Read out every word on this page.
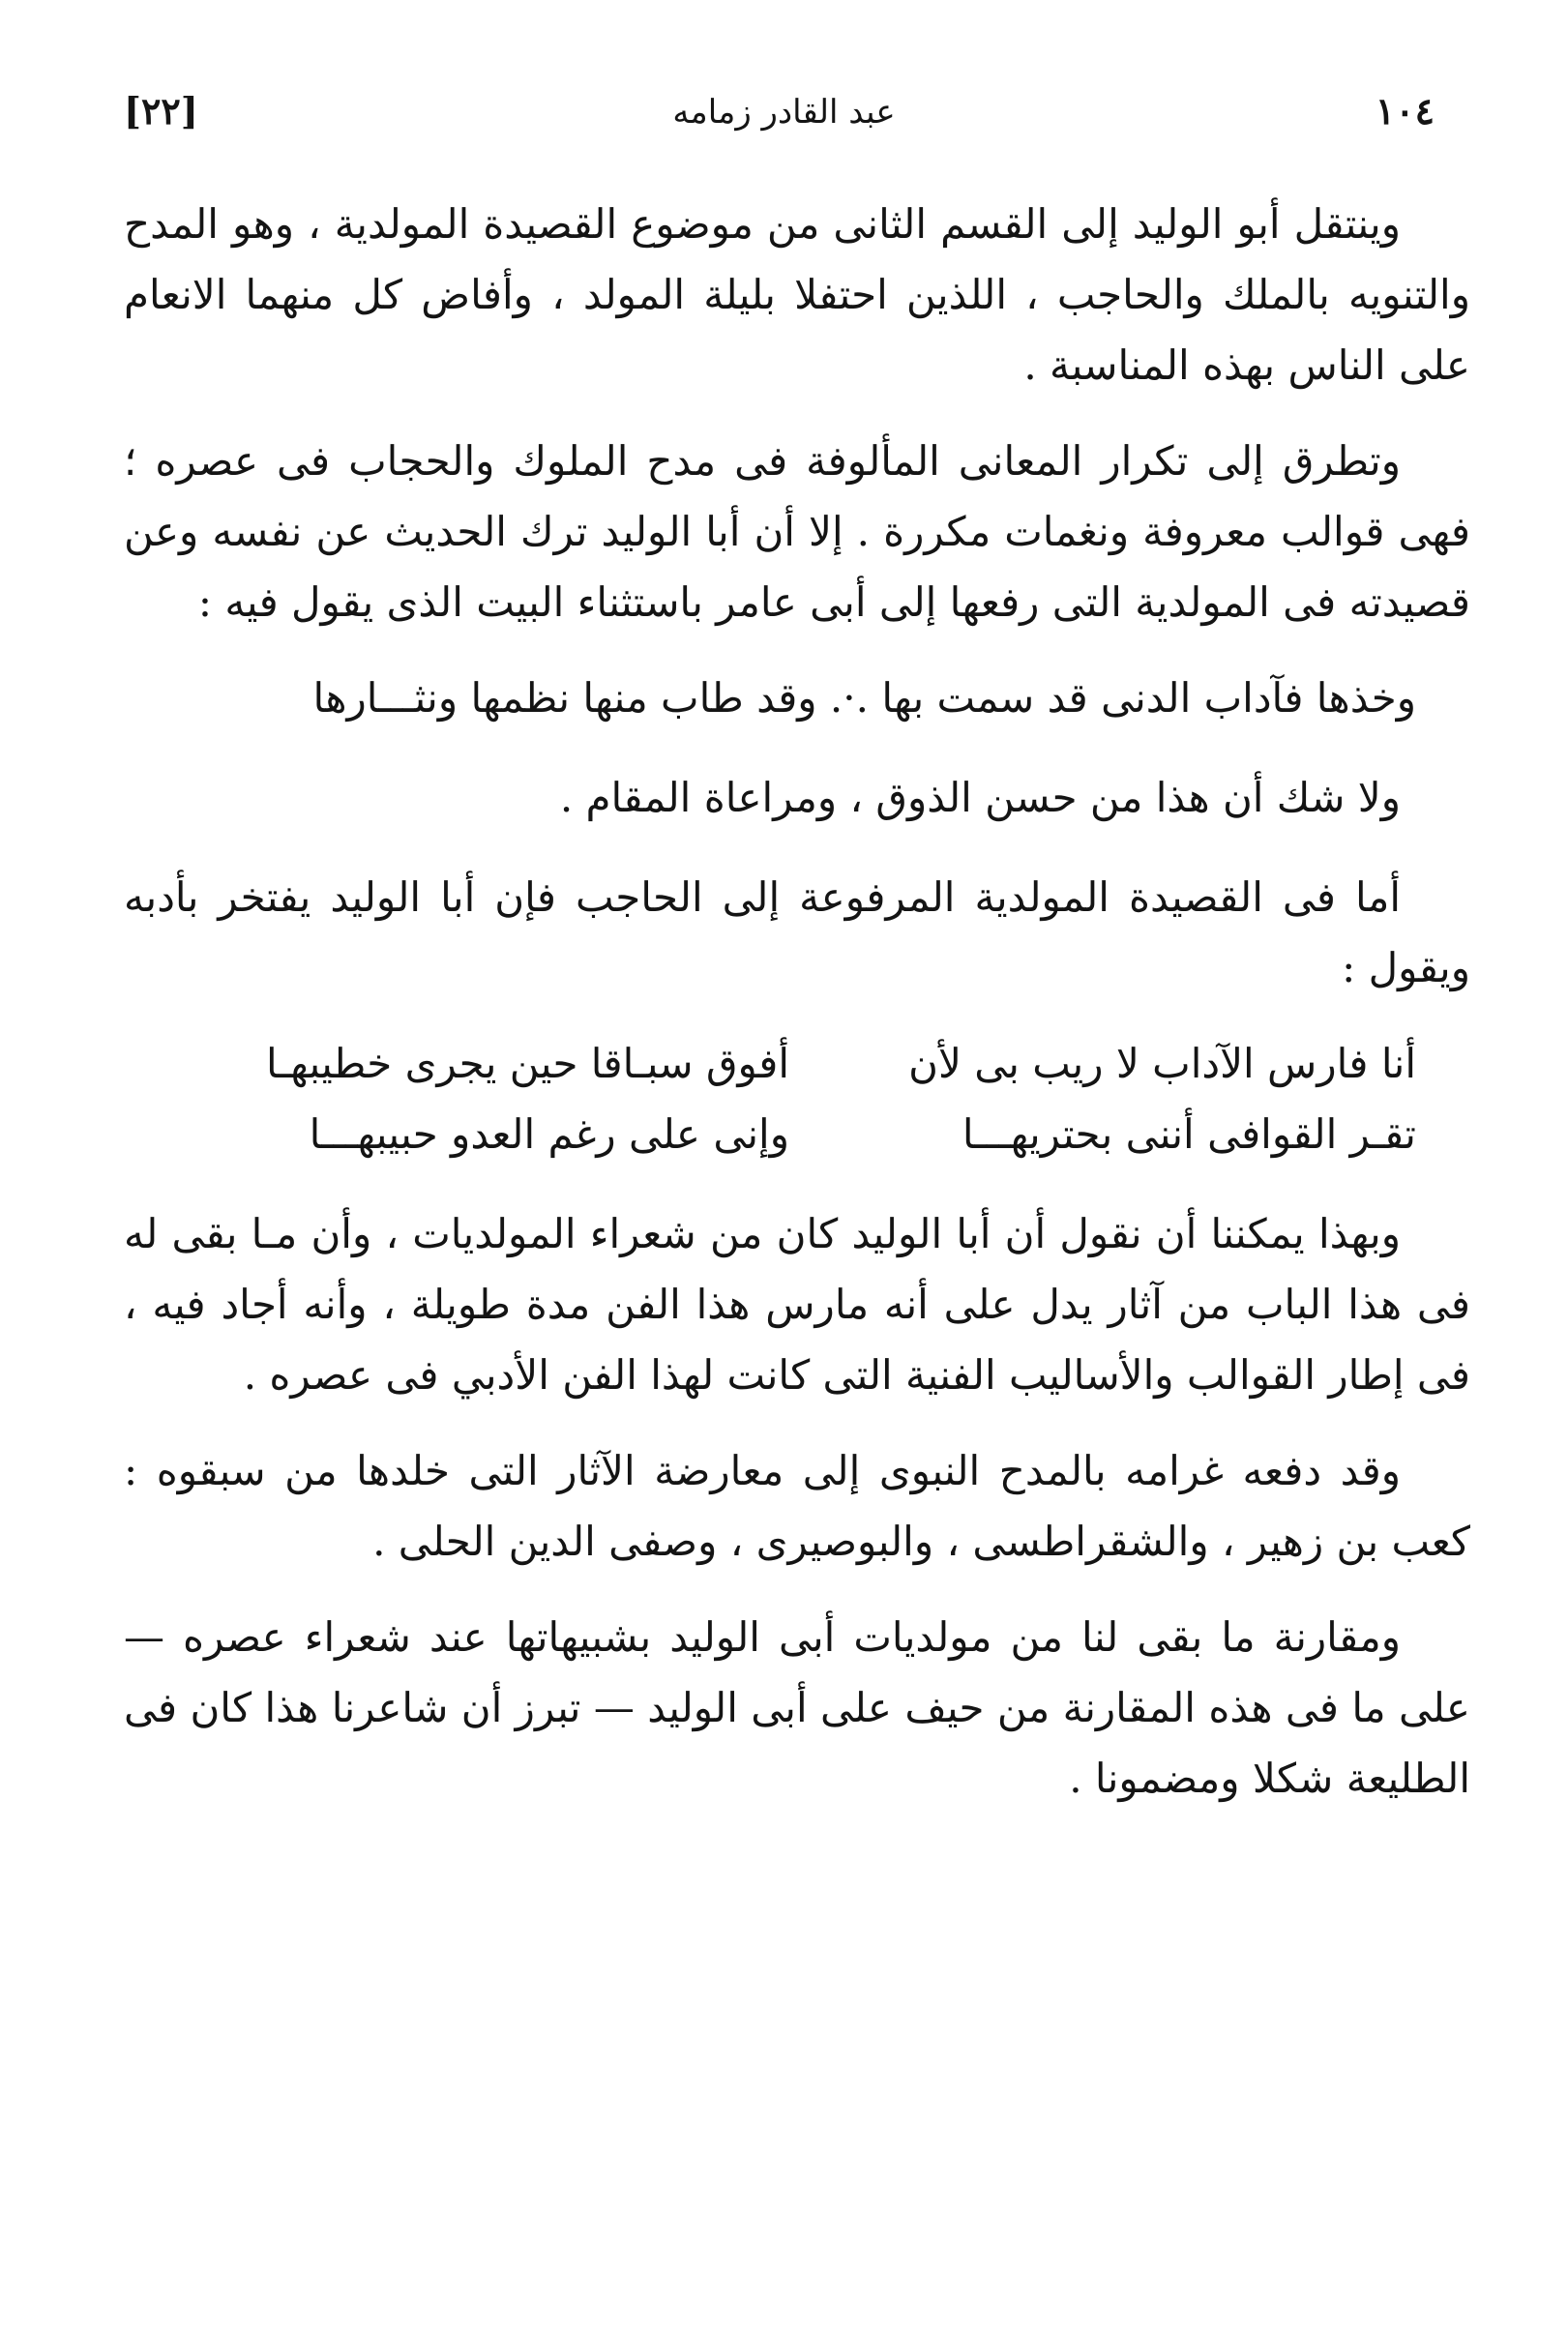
١٠٤
عبد القادر زمامه
[٢٢]

وينتقل أبو الوليد إلى القسم الثانى من موضوع القصيدة المولدية ، وهو المدح والتنويه بالملك والحاجب ، اللذين احتفلا بليلة المولد ، وأفاض كل منهما الانعام على الناس بهذه المناسبة .

وتطرق إلى تكرار المعانى المألوفة فى مدح الملوك والحجاب فى عصره ؛ فهى قوالب معروفة ونغمات مكررة . إلا أن أبا الوليد ترك الحديث عن نفسه وعن قصيدته فى المولدية التى رفعها إلى أبى عامر باستثناء البيت الذى يقول فيه :

وخذها فآداب الدنى قد سمت بها .·. وقد طاب منها نظمها ونثـــارها

ولا شك أن هذا من حسن الذوق ، ومراعاة المقام .

أما فى القصيدة المولدية المرفوعة إلى الحاجب فإن أبا الوليد يفتخر بأدبه ويقول :

أنا فارس الآداب لا ريب بى لأن
أفوق سبـاقا حين يجرى خطيبهـا
تقـر القوافى أننى بحتريهـــا
وإنى على رغم العدو حبيبهـــا

وبهذا يمكننا أن نقول أن أبا الوليد كان من شعراء المولديات ، وأن مـا بقى له فى هذا الباب من آثار يدل على أنه مارس هذا الفن مدة طويلة ، وأنه أجاد فيه ، فى إطار القوالب والأساليب الفنية التى كانت لهذا الفن الأدبي فى عصره .

وقد دفعه غرامه بالمدح النبوى إلى معارضة الآثار التى خلدها من سبقوه : كعب بن زهير ، والشقراطسى ، والبوصيرى ، وصفى الدين الحلى .

ومقارنة ما بقى لنا من مولديات أبى الوليد بشبيهاتها عند شعراء عصره — على ما فى هذه المقارنة من حيف على أبى الوليد — تبرز أن شاعرنا هذا كان فى الطليعة شكلا ومضمونا .
